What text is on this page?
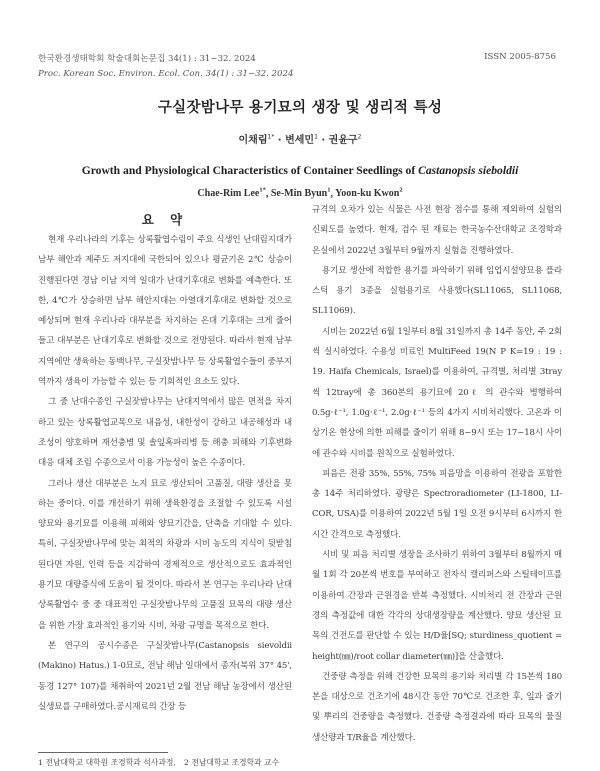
한국환경생태학회 학술대회논문집 34(1) : 31~32. 2024
Proc. Korean Soc. Environ. Ecol. Con. 34(1) : 31~32. 2024
ISSN 2005-8756
구실잣밤나무 용기묘의 생장 및 생리적 특성
이채림$^{1*}$ · 변세민$^1$ · 권윤구$^2$
Growth and Physiological Characteristics of Container Seedlings of Castanopsis sieboldii
Chae-Rim Lee$^{1*}$, Se-Min Byun$^1$, Yoon-ku Kwon$^2$
요 약

현재 우리나라의 기후는 상록활엽수림이 주요 식생인 난대림지대가 남부 해안과 제주도 저지대에 국한되어 있으나 평균기온 2℃ 상승이 진행된다면 경남 이남 지역 일대가 난대기후대로 변화를 예측한다. 또한, 4℃가 상승하면 남부 해안지대는 아열대기후대로 변화할 것으로 예상되며 현재 우리나라 대부분을 차지하는 온대 기후대는 크게 줄어들고 대부분은 난대기후로 변화할 것으로 전망된다. 따라서 현재 남부지역에만 생육하는 동백나무, 구실잣밤나무 등 상록활엽수들이 중부지역까지 생육이 가능할 수 있는 등 기회적인 요소도 있다.

그 중 난대수종인 구실잣밤나무는 난대지역에서 많은 면적을 차지하고 있는 상록활엽교목으로 내음성, 내한성이 강하고 내공해성과 내조성이 양호하며 재선충병 및 솔잎혹파리병 등 해충 피해와 기후변화 대응 대체 조림 수종으로서 이용 가능성이 높은 수종이다.

그러나 생산 대부분은 노지 묘로 생산되어 고품질, 대량 생산을 못 하는 중이다. 이를 개선하기 위해 생육환경을 조절할 수 있도록 시설 양묘와 용기묘를 이용해 피해와 양묘기간을, 단축을 기대할 수 있다. 특히, 구실잣밤나무에 맞는 최적의 차광과 시비 농도의 지식이 뒷받침된다면 자원, 인력 등을 지감하여 경제적으로 생산적으로도 효과적인 용기묘 대량증식에 도움이 될 것이다. 따라서 본 연구는 우리나라 난대 상록활엽수 중 중 대표적인 구실잣밤나무의 고품질 묘목의 대량 생산을 위한 가장 효과적인 용기와 시비, 차광 규명을 목적으로 한다.

본 연구의 공시수종은 구실잣밤나무(Castanopsis sievoldii (Makino) Hatus.) 1-0묘로, 전남 해남 일대에서 종자(북위 37° 45', 동경 127° 107)를 채취하여 2021년 2월 전남 해남 농장에서 생산된 실생묘를 구매하였다.공시재료의 간장 등

규격의 오차가 있는 식물은 사전 현장 점수를 통해 제외하여 실험의 신뢰도를 높였다. 현재, 검수 된 재료는 한국농수산대학교 조경학과 온실에서 2022년 3월부터 9월까지 실험을 진행하였다.

용기묘 생산에 적합한 용기를 파악하기 위해 임업시설양묘용 플라스틱 용기 3종을 실험용기로 사용했다(SL11065, SL11068, SL11069).

시비는 2022년 6월 1일부터 8월 31일까지 총 14주 동안, 주 2회씩 실시하였다. 수용성 비료인 MultiFeed 19(N P K=19 : 19 : 19. Haifa Chemicals, Israel)를 이용하여, 규격별, 처리별 3tray씩 12tray에 총 360본의 용기묘에 20ℓ 의 관수와 병행하여 0.5g·ℓ⁻¹, 1.0g·ℓ⁻¹, 2.0g·ℓ⁻¹ 등의 4가지 시비처리했다. 고온과 이상기온 현상에 의한 피해를 줄이기 위해 8~9시 또는 17~18시 사이에 관수와 시비를 원칙으로 실험하였다.

피음은 전광 35%, 55%, 75% 피음망을 이용하여 전광을 포함한 총 14주 처리하였다. 광량은 Spectroradiometer (LI-1800, LI-COR, USA)를 이용하여 2022년 5월 1일 오전 9시부터 6시까지 한 시간 간격으로 측정했다.

시비 및 피음 처리별 생장을 조사하기 위하여 3월부터 8월까지 매월 1회 각 20본씩 번호를 부여하고 전자식 캘리퍼스와 스틸테이프를 이용하여 간장과 근원경을 반복 측정했다. 시비처리 전 간장과 근원경의 측정값에 대한 각각의 상대생장량을 계산했다. 양묘 생산된 묘목의 건전도를 판단할 수 있는 H/D율[SQ; sturdiness_quotient = height(㎜)/root collar diameter(㎜)]을 산출했다.

건중량 측정을 위해 건강한 묘목의 용기와 처리별 각 15본씩 180본을 대상으로 건조기에 48시간 동안 70℃로 건조한 후, 잎과 줄기 및 뿌리의 건중량을 측정했다. 건중량 측정결과에 따라 묘목의 물질생산량과 T/R율을 계산했다.

1 전남대학교 대학원 조경학과 석사과정, 2 전남대학교 조경학과 교수
